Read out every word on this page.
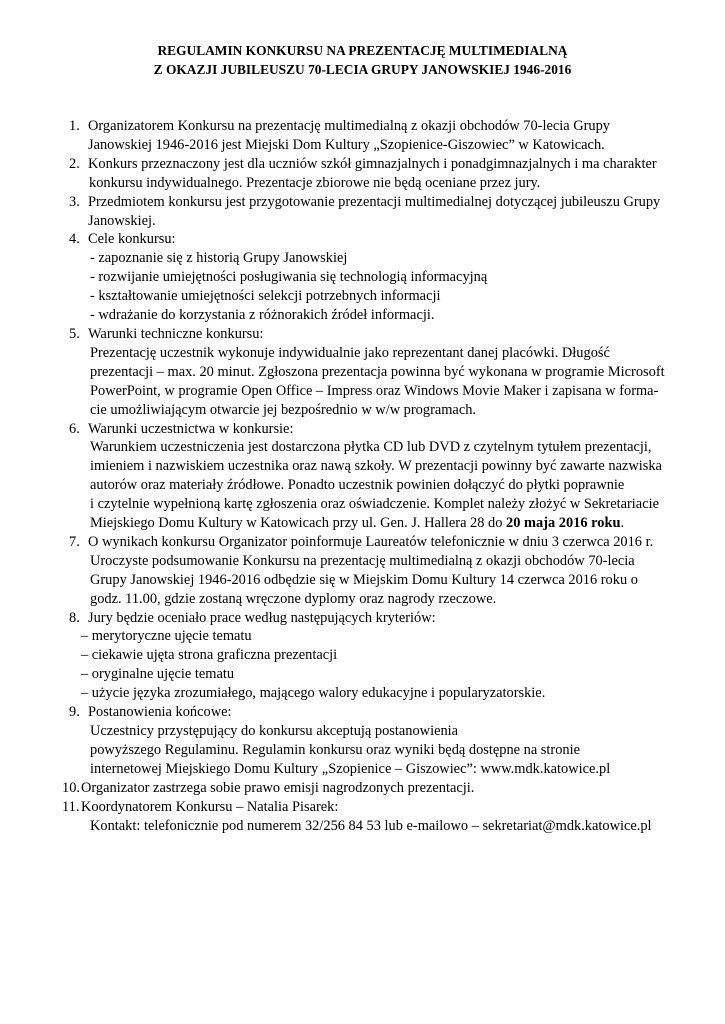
REGULAMIN KONKURSU NA PREZENTACJĘ MULTIMEDIALNĄ
Z OKAZJI JUBILEUSZU 70-LECIA GRUPY JANOWSKIEJ 1946-2016
1. Organizatorem Konkursu na prezentację multimedialną z okazji obchodów 70-lecia Grupy
Janowskiej 1946-2016 jest Miejski Dom Kultury „Szopienice-Giszowiec” w Katowicach.
2. Konkurs przeznaczony jest dla uczniów szkół gimnazjalnych i ponadgimnazjalnych i ma charakter
konkursu indywidualnego. Prezentacje zbiorowe nie będą oceniane przez jury.
3. Przedmiotem konkursu jest przygotowanie prezentacji multimedialnej dotyczącej jubileuszu Grupy
Janowskiej.
4. Cele konkursu:
- zapoznanie się z historią Grupy Janowskiej
- rozwijanie umiejętności posługiwania się technologią informacyjną
- kształtowanie umiejętności selekcji potrzebnych informacji
- wdrażanie do korzystania z różnorakich źródeł informacji.
5. Warunki techniczne konkursu:
Prezentację uczestnik wykonuje indywidualnie jako reprezentant danej placówki. Długość
prezentacji – max. 20 minut. Zgłoszona prezentacja powinna być wykonana w programie Microsoft
PowerPoint, w programie Open Office – Impress oraz Windows Movie Maker i zapisana w forma-
cie umożliwiającym otwarcie jej bezpośrednio w w/w programach.
6. Warunki uczestnictwa w konkursie:
Warunkiem uczestniczenia jest dostarczona płytka CD lub DVD z czytelnym tytułem prezentacji,
imieniem i nazwiskiem uczestnika oraz nawą szkoły. W prezentacji powinny być zawarte nazwiska
autorów oraz materiały źródłowe. Ponadto uczestnik powinien dołączyć do płytki poprawnie
i czytelnie wypełnioną kartę zgłoszenia oraz oświadczenie. Komplet należy złożyć w Sekretariacie
Miejskiego Domu Kultury w Katowicach przy ul. Gen. J. Hallera 28 do 20 maja 2016 roku.
7. O wynikach konkursu Organizator poinformuje Laureatów telefonicznie w dniu 3 czerwca 2016 r.
Uroczyste podsumowanie Konkursu na prezentację multimedialną z okazji obchodów 70-lecia
Grupy Janowskiej 1946-2016 odbędzie się w Miejskim Domu Kultury 14 czerwca 2016 roku o
godz. 11.00, gdzie zostaną wręczone dyplomy oraz nagrody rzeczowe.
8. Jury będzie oceniało prace według następujących kryteriów:
– merytoryczne ujęcie tematu
– ciekawie ujęta strona graficzna prezentacji
– oryginalne ujęcie tematu
– użycie języka zrozumiałego, mającego walory edukacyjne i popularyzatorskie.
9. Postanowienia końcowe:
Uczestnicy przystępujący do konkursu akceptują postanowienia
powyższego Regulaminu. Regulamin konkursu oraz wyniki będą dostępne na stronie
internetowej Miejskiego Domu Kultury „Szopienice – Giszowiec”: www.mdk.katowice.pl
10.Organizator zastrzega sobie prawo emisji nagrodzonych prezentacji.
11. Koordynatorem Konkursu – Natalia Pisarek:
Kontakt: telefonicznie pod numerem 32/256 84 53 lub e-mailowo – sekretariat@mdk.katowice.pl
